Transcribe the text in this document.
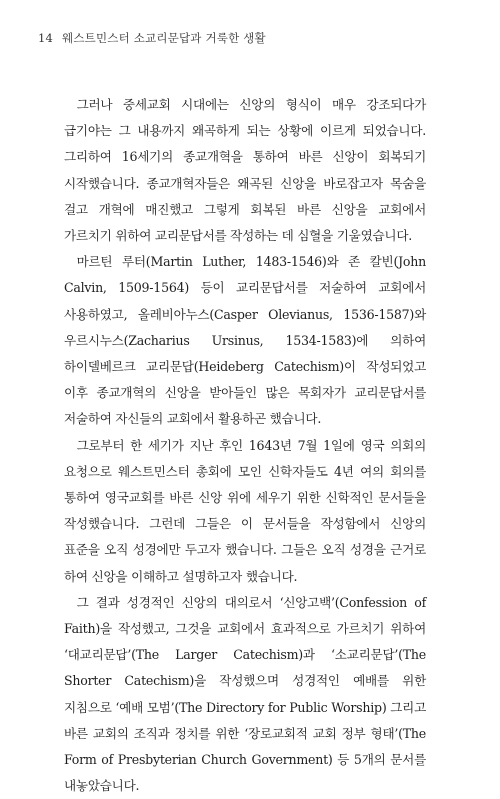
14 웨스트민스터 소교리문답과 거룩한 생활

그러나 중세교회 시대에는 신앙의 형식이 매우 강조되다가 급기야는 그 내용까지 왜곡하게 되는 상황에 이르게 되었습니다. 그리하여 16세기의 종교개혁을 통하여 바른 신앙이 회복되기 시작했습니다. 종교개혁자들은 왜곡된 신앙을 바로잡고자 목숨을 걸고 개혁에 매진했고 그렇게 회복된 바른 신앙을 교회에서 가르치기 위하여 교리문답서를 작성하는 데 심혈을 기울였습니다.

마르틴 루터(Martin Luther, 1483-1546)와 존 칼빈(John Calvin, 1509-1564) 등이 교리문답서를 저술하여 교회에서 사용하였고, 올레비아누스(Casper Olevianus, 1536-1587)와 우르시누스(Zacharius Ursinus, 1534-1583)에 의하여 하이델베르크 교리문답(Heideberg Catechism)이 작성되었고 이후 종교개혁의 신앙을 받아들인 많은 목회자가 교리문답서를 저술하여 자신들의 교회에서 활용하곤 했습니다.

그로부터 한 세기가 지난 후인 1643년 7월 1일에 영국 의회의 요청으로 웨스트민스터 총회에 모인 신학자들도 4년 여의 회의를 통하여 영국교회를 바른 신앙 위에 세우기 위한 신학적인 문서들을 작성했습니다. 그런데 그들은 이 문서들을 작성함에서 신앙의 표준을 오직 성경에만 두고자 했습니다. 그들은 오직 성경을 근거로 하여 신앙을 이해하고 설명하고자 했습니다.

그 결과 성경적인 신앙의 대의로서 ‘신앙고백’(Confession of Faith)을 작성했고, 그것을 교회에서 효과적으로 가르치기 위하여 ‘대교리문답’(The Larger Catechism)과 ‘소교리문답’(The Shorter Catechism)을 작성했으며 성경적인 예배를 위한 지침으로 ‘예배 모범’(The Directory for Public Worship) 그리고 바른 교회의 조직과 정치를 위한 ‘장로교회적 교회 정부 형태’(The Form of Presbyterian Church Government) 등 5개의 문서를 내놓았습니다.
